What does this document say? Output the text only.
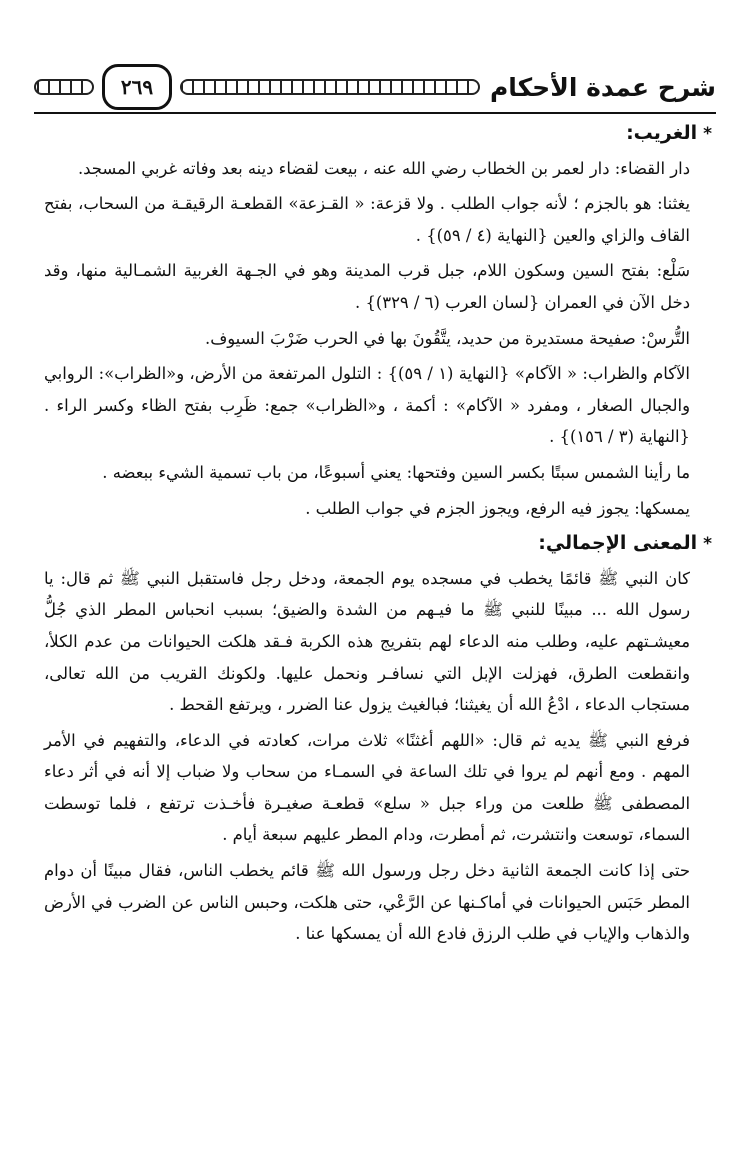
شرح عمدة الأحكام
٢٦٩
*الغريب:

دار القضاء: دار لعمر بن الخطاب رضي الله عنه ، بيعت لقضاء دينه بعد وفاته غربي المسجد.

يغثنا: هو بالجزم ؛ لأنه جواب الطلب . ولا قزعة: « القـزعة» القطعـة الرقيقـة من السحاب، بفتح القاف والزاي والعين {النهاية (٤ / ٥٩)} .

سَلْع: بفتح السين وسكون اللام، جبل قرب المدينة وهو في الجـهة الغربية الشمـالية منها، وقد دخل الآن في العمران {لسان العرب (٦ / ٣٢٩)} .

التُّرسْ: صفيحة مستديرة من حديد، يتَّقُونَ بها في الحرب ضَرْبَ السيوف.

الآكام والظراب: « الآكام» {النهاية (١ / ٥٩)} : التلول المرتفعة من الأرض، و«الظراب»: الروابي والجبال الصغار ، ومفرد « الآكام» : أكمة ، و«الظراب» جمع: ظَرِب بفتح الظاء وكسر الراء . {النهاية (٣ / ١٥٦)} .

ما رأينا الشمس سبتًا بكسر السين وفتحها: يعني أسبوعًا، من باب تسمية الشيء ببعضه .

يمسكها: يجوز فيه الرفع، ويجوز الجزم في جواب الطلب .

*المعنى الإجمالي:

كان النبي ﷺ قائمًا يخطب في مسجده يوم الجمعة، ودخل رجل فاستقبل النبي ﷺ ثم قال: يا رسول الله ... مبينًا للنبي ﷺ ما فيـهم من الشدة والضيق؛ بسبب انحباس المطر الذي جُلُّ معيشـتهم عليه، وطلب منه الدعاء لهم بتفريج هذه الكربة فـقد هلكت الحيوانات من عدم الكلأ، وانقطعت الطرق، فهزلت الإبل التي نسافـر ونحمل عليها. ولكونك القريب من الله تعالى، مستجاب الدعاء ، ادْعُ الله أن يغيثنا؛ فبالغيث يزول عنا الضرر ، ويرتفع القحط .

فرفع النبي ﷺ يديه ثم قال: «اللهم أغثنًا» ثلاث مرات، كعادته في الدعاء، والتفهيم في الأمر المهم . ومع أنهم لم يروا في تلك الساعة في السمـاء من سحاب ولا ضباب إلا أنه في أثر دعاء المصطفى ﷺ طلعت من وراء جبل « سلع» قطعـة صغيـرة فأخـذت ترتفع ، فلما توسطت السماء، توسعت وانتشرت، ثم أمطرت، ودام المطر عليهم سبعة أيام .

حتى إذا كانت الجمعة الثانية دخل رجل ورسول الله ﷺ قائم يخطب الناس، فقال مبينًا أن دوام المطر حَبَس الحيوانات في أماكـنها عن الرَّعْي، حتى هلكت، وحبس الناس عن الضرب في الأرض والذهاب والإياب في طلب الرزق فادع الله أن يمسكها عنا .
